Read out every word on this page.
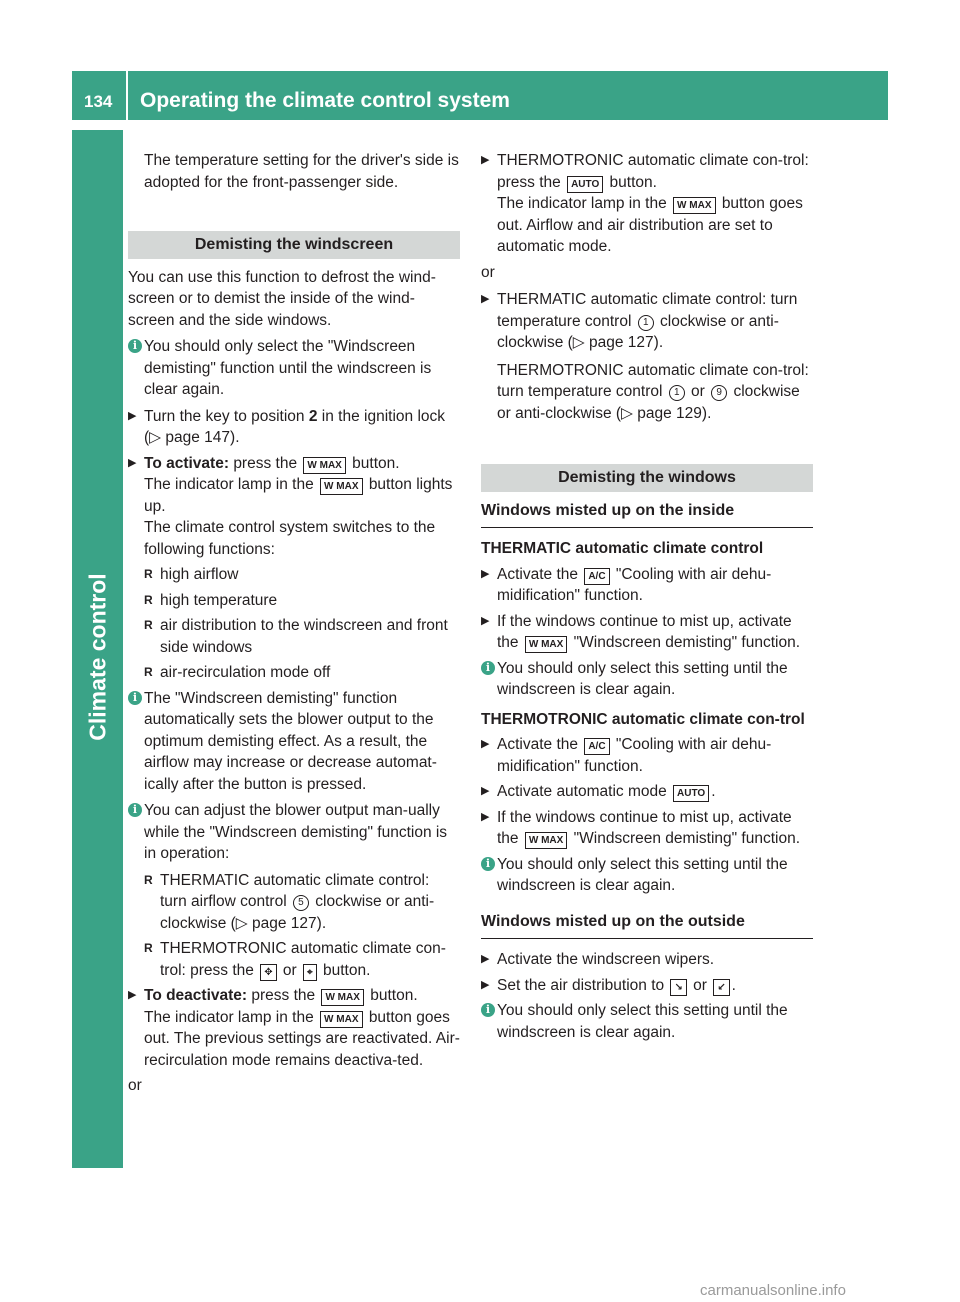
134 Operating the climate control system
Climate control

The temperature setting for the driver's side is adopted for the front-passenger side.

Demisting the windscreen

You can use this function to defrost the wind-screen or to demist the inside of the wind-screen and the side windows.

i You should only select the "Windscreen demisting" function until the windscreen is clear again.
▶ Turn the key to position 2 in the ignition lock (▷ page 147).
▶ To activate: press the W MAX button.
The indicator lamp in the W MAX button lights up.
The climate control system switches to the following functions:
R high airflow
R high temperature
R air distribution to the windscreen and front side windows
R air-recirculation mode off
i The "Windscreen demisting" function automatically sets the blower output to the optimum demisting effect. As a result, the airflow may increase or decrease automat-ically after the button is pressed.
i You can adjust the blower output man-ually while the "Windscreen demisting" function is in operation:
R THERMATIC automatic climate control: turn airflow control 5 clockwise or anti-clockwise (▷ page 127).
R THERMOTRONIC automatic climate con-trol: press the ✥ or ⌖ button.
▶ To deactivate: press the W MAX button.
The indicator lamp in the W MAX button goes out. The previous settings are reactivated. Air-recirculation mode remains deactiva-ted.

or

▶ THERMOTRONIC automatic climate con-trol: press the AUTO button.
The indicator lamp in the W MAX button goes out. Airflow and air distribution are set to automatic mode.

or

▶ THERMATIC automatic climate control: turn temperature control 1 clockwise or anti-clockwise (▷ page 127).
THERMOTRONIC automatic climate con-trol: turn temperature control 1 or 9 clockwise or anti-clockwise (▷ page 129).
Demisting the windows
Windows misted up on the inside
THERMATIC automatic climate control
▶ Activate the A/C "Cooling with air dehu-midification" function.
▶ If the windows continue to mist up, activate the W MAX "Windscreen demisting" function.
i You should only select this setting until the windscreen is clear again.
THERMOTRONIC automatic climate con-trol
▶ Activate the A/C "Cooling with air dehu-midification" function.
▶ Activate automatic mode AUTO .
▶ If the windows continue to mist up, activate the W MAX "Windscreen demisting" function.
i You should only select this setting until the windscreen is clear again.
Windows misted up on the outside
▶ Activate the windscreen wipers.
▶ Set the air distribution to ↘ or ↙ .
i You should only select this setting until the windscreen is clear again.
carmanualsonline.info
